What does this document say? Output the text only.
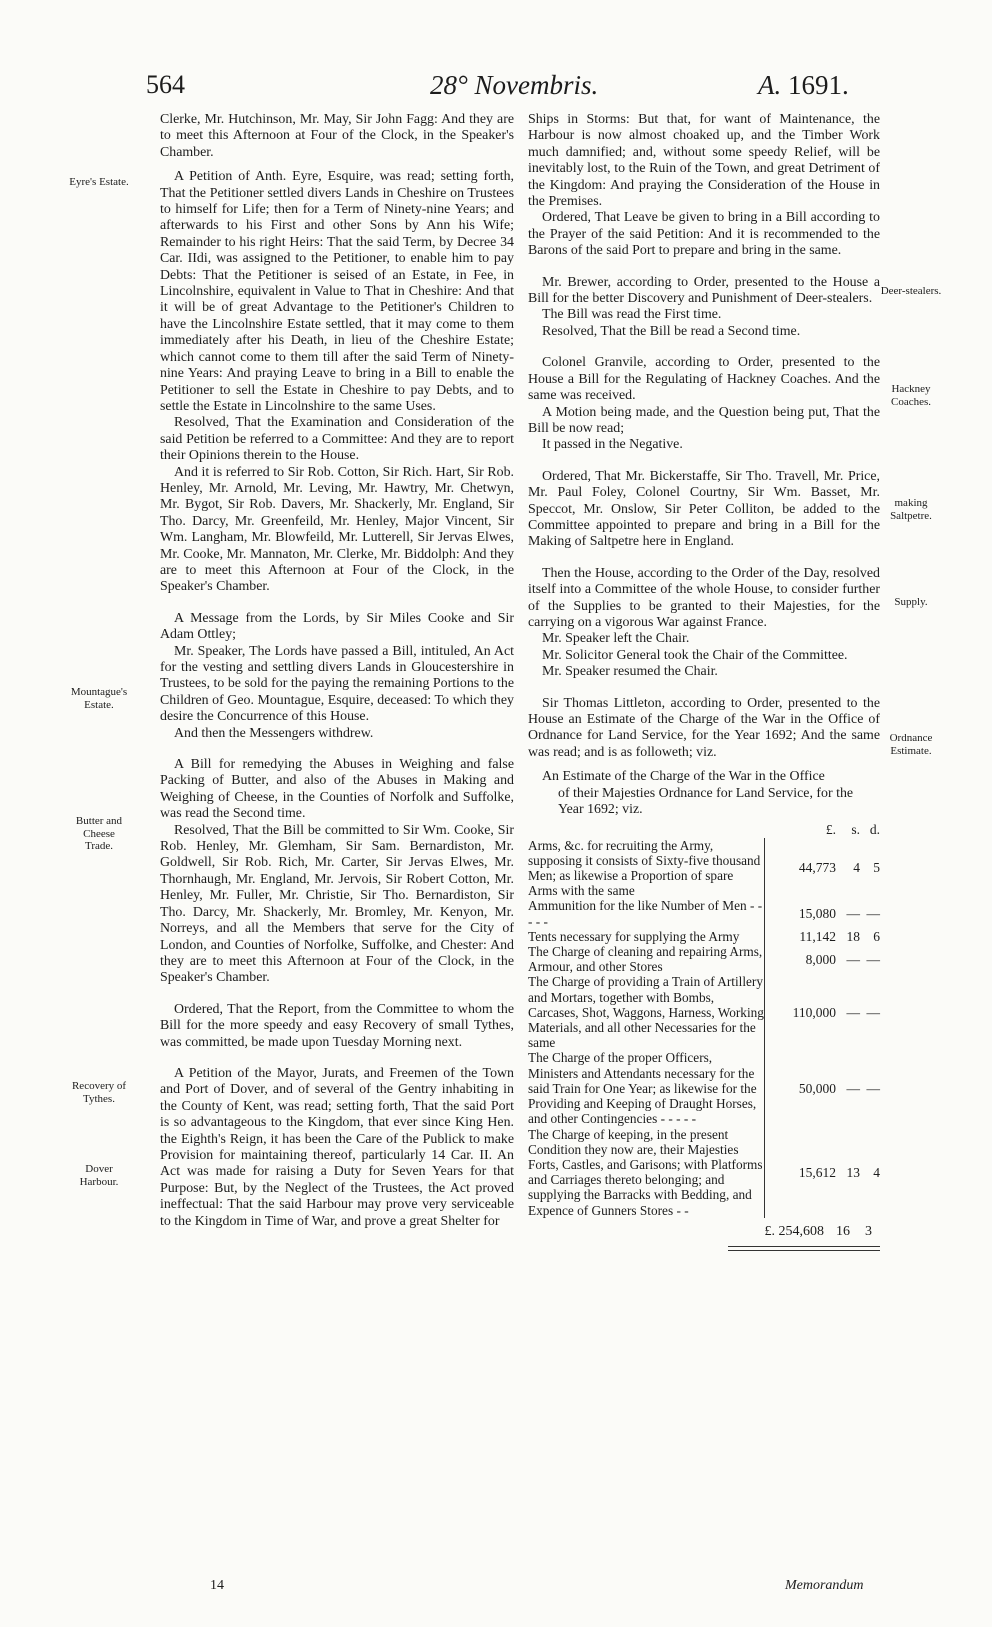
564	28° Novembris.	A. 1691.
Eyre's Estate.
Mountague's Estate.
Butter and Cheese Trade.
Recovery of Tythes.
Dover Harbour.
Deer-stealers.
Hackney Coaches.
making Saltpetre.
Supply.
Ordnance Estimate.

Clerke, Mr. Hutchinson, Mr. May, Sir John Fagg: And they are to meet this Afternoon at Four of the Clock, in the Speaker's Chamber.

A Petition of Anth. Eyre, Esquire, was read; setting forth, That the Petitioner settled divers Lands in Cheshire on Trustees to himself for Life; then for a Term of Ninety-nine Years; and afterwards to his First and other Sons by Ann his Wife; Remainder to his right Heirs: That the said Term, by Decree 34 Car. IIdi, was assigned to the Petitioner, to enable him to pay Debts: That the Petitioner is seised of an Estate, in Fee, in Lincolnshire, equivalent in Value to That in Cheshire: And that it will be of great Advantage to the Petitioner's Children to have the Lincolnshire Estate settled, that it may come to them immediately after his Death, in lieu of the Cheshire Estate; which cannot come to them till after the said Term of Ninety-nine Years: And praying Leave to bring in a Bill to enable the Petitioner to sell the Estate in Cheshire to pay Debts, and to settle the Estate in Lincolnshire to the same Uses.

Resolved, That the Examination and Consideration of the said Petition be referred to a Committee: And they are to report their Opinions therein to the House.

And it is referred to Sir Rob. Cotton, Sir Rich. Hart, Sir Rob. Henley, Mr. Arnold, Mr. Leving, Mr. Hawtry, Mr. Chetwyn, Mr. Bygot, Sir Rob. Davers, Mr. Shackerly, Mr. England, Sir Tho. Darcy, Mr. Greenfeild, Mr. Henley, Major Vincent, Sir Wm. Langham, Mr. Blowfeild, Mr. Lutterell, Sir Jervas Elwes, Mr. Cooke, Mr. Mannaton, Mr. Clerke, Mr. Biddolph: And they are to meet this Afternoon at Four of the Clock, in the Speaker's Chamber.

A Message from the Lords, by Sir Miles Cooke and Sir Adam Ottley;

Mr. Speaker, The Lords have passed a Bill, intituled, An Act for the vesting and settling divers Lands in Gloucestershire in Trustees, to be sold for the paying the remaining Portions to the Children of Geo. Mountague, Esquire, deceased: To which they desire the Concurrence of this House.

And then the Messengers withdrew.

A Bill for remedying the Abuses in Weighing and false Packing of Butter, and also of the Abuses in Making and Weighing of Cheese, in the Counties of Norfolk and Suffolke, was read the Second time.

Resolved, That the Bill be committed to Sir Wm. Cooke, Sir Rob. Henley, Mr. Glemham, Sir Sam. Bernardiston, Mr. Goldwell, Sir Rob. Rich, Mr. Carter, Sir Jervas Elwes, Mr. Thornhaugh, Mr. England, Mr. Jervois, Sir Robert Cotton, Mr. Henley, Mr. Fuller, Mr. Christie, Sir Tho. Bernardiston, Sir Tho. Darcy, Mr. Shackerly, Mr. Bromley, Mr. Kenyon, Mr. Norreys, and all the Members that serve for the City of London, and Counties of Norfolke, Suffolke, and Chester: And they are to meet this Afternoon at Four of the Clock, in the Speaker's Chamber.

Ordered, That the Report, from the Committee to whom the Bill for the more speedy and easy Recovery of small Tythes, was committed, be made upon Tuesday Morning next.

A Petition of the Mayor, Jurats, and Freemen of the Town and Port of Dover, and of several of the Gentry inhabiting in the County of Kent, was read; setting forth, That the said Port is so advantageous to the Kingdom, that ever since King Hen. the Eighth's Reign, it has been the Care of the Publick to make Provision for maintaining thereof, particularly 14 Car. II. An Act was made for raising a Duty for Seven Years for that Purpose: But, by the Neglect of the Trustees, the Act proved ineffectual: That the said Harbour may prove very serviceable to the Kingdom in Time of War, and prove a great Shelter for

Ships in Storms: But that, for want of Maintenance, the Harbour is now almost choaked up, and the Timber Work much damnified; and, without some speedy Relief, will be inevitably lost, to the Ruin of the Town, and great Detriment of the Kingdom: And praying the Consideration of the House in the Premises.

Ordered, That Leave be given to bring in a Bill according to the Prayer of the said Petition: And it is recommended to the Barons of the said Port to prepare and bring in the same.

Mr. Brewer, according to Order, presented to the House a Bill for the better Discovery and Punishment of Deer-stealers.

The Bill was read the First time.

Resolved, That the Bill be read a Second time.

Colonel Granvile, according to Order, presented to the House a Bill for the Regulating of Hackney Coaches. And the same was received.

A Motion being made, and the Question being put, That the Bill be now read;

It passed in the Negative.

Ordered, That Mr. Bickerstaffe, Sir Tho. Travell, Mr. Price, Mr. Paul Foley, Colonel Courtny, Sir Wm. Basset, Mr. Speccot, Mr. Onslow, Sir Peter Colliton, be added to the Committee appointed to prepare and bring in a Bill for the Making of Saltpetre here in England.

Then the House, according to the Order of the Day, resolved itself into a Committee of the whole House, to consider further of the Supplies to be granted to their Majesties, for the carrying on a vigorous War against France.

Mr. Speaker left the Chair.

Mr. Solicitor General took the Chair of the Committee.

Mr. Speaker resumed the Chair.

Sir Thomas Littleton, according to Order, presented to the House an Estimate of the Charge of the War in the Office of Ordnance for Land Service, for the Year 1692; And the same was read; and is as followeth; viz.

An Estimate of the Charge of the War in the Office
of their Majesties Ordnance for Land Service, for the Year 1692; viz.
	£. s. d.
Arms, &c. for recruiting the Army, supposing it consists of Sixty-five thousand Men; as likewise a Proportion of spare Arms with the same	44,773 4 5
Ammunition for the like Number of Men - - - - -	15,080 — —
Tents necessary for supplying the Army	11,142 18 6
The Charge of cleaning and repairing Arms, Armour, and other Stores	8,000 — —
The Charge of providing a Train of Artillery and Mortars, together with Bombs, Carcases, Shot, Waggons, Harness, Working Materials, and all other Necessaries for the same	110,000 — —
The Charge of the proper Officers, Ministers and Attendants necessary for the said Train for One Year; as likewise for the Providing and Keeping of Draught Horses, and other Contingencies - - - - -	50,000 — —
The Charge of keeping, in the present Condition they now are, their Majesties Forts, Castles, and Garisons; with Platforms and Carriages thereto belonging; and supplying the Barracks with Bedding, and Expence of Gunners Stores - -	15,612 13 4
£. 254,608 16 3
14	Memorandum
